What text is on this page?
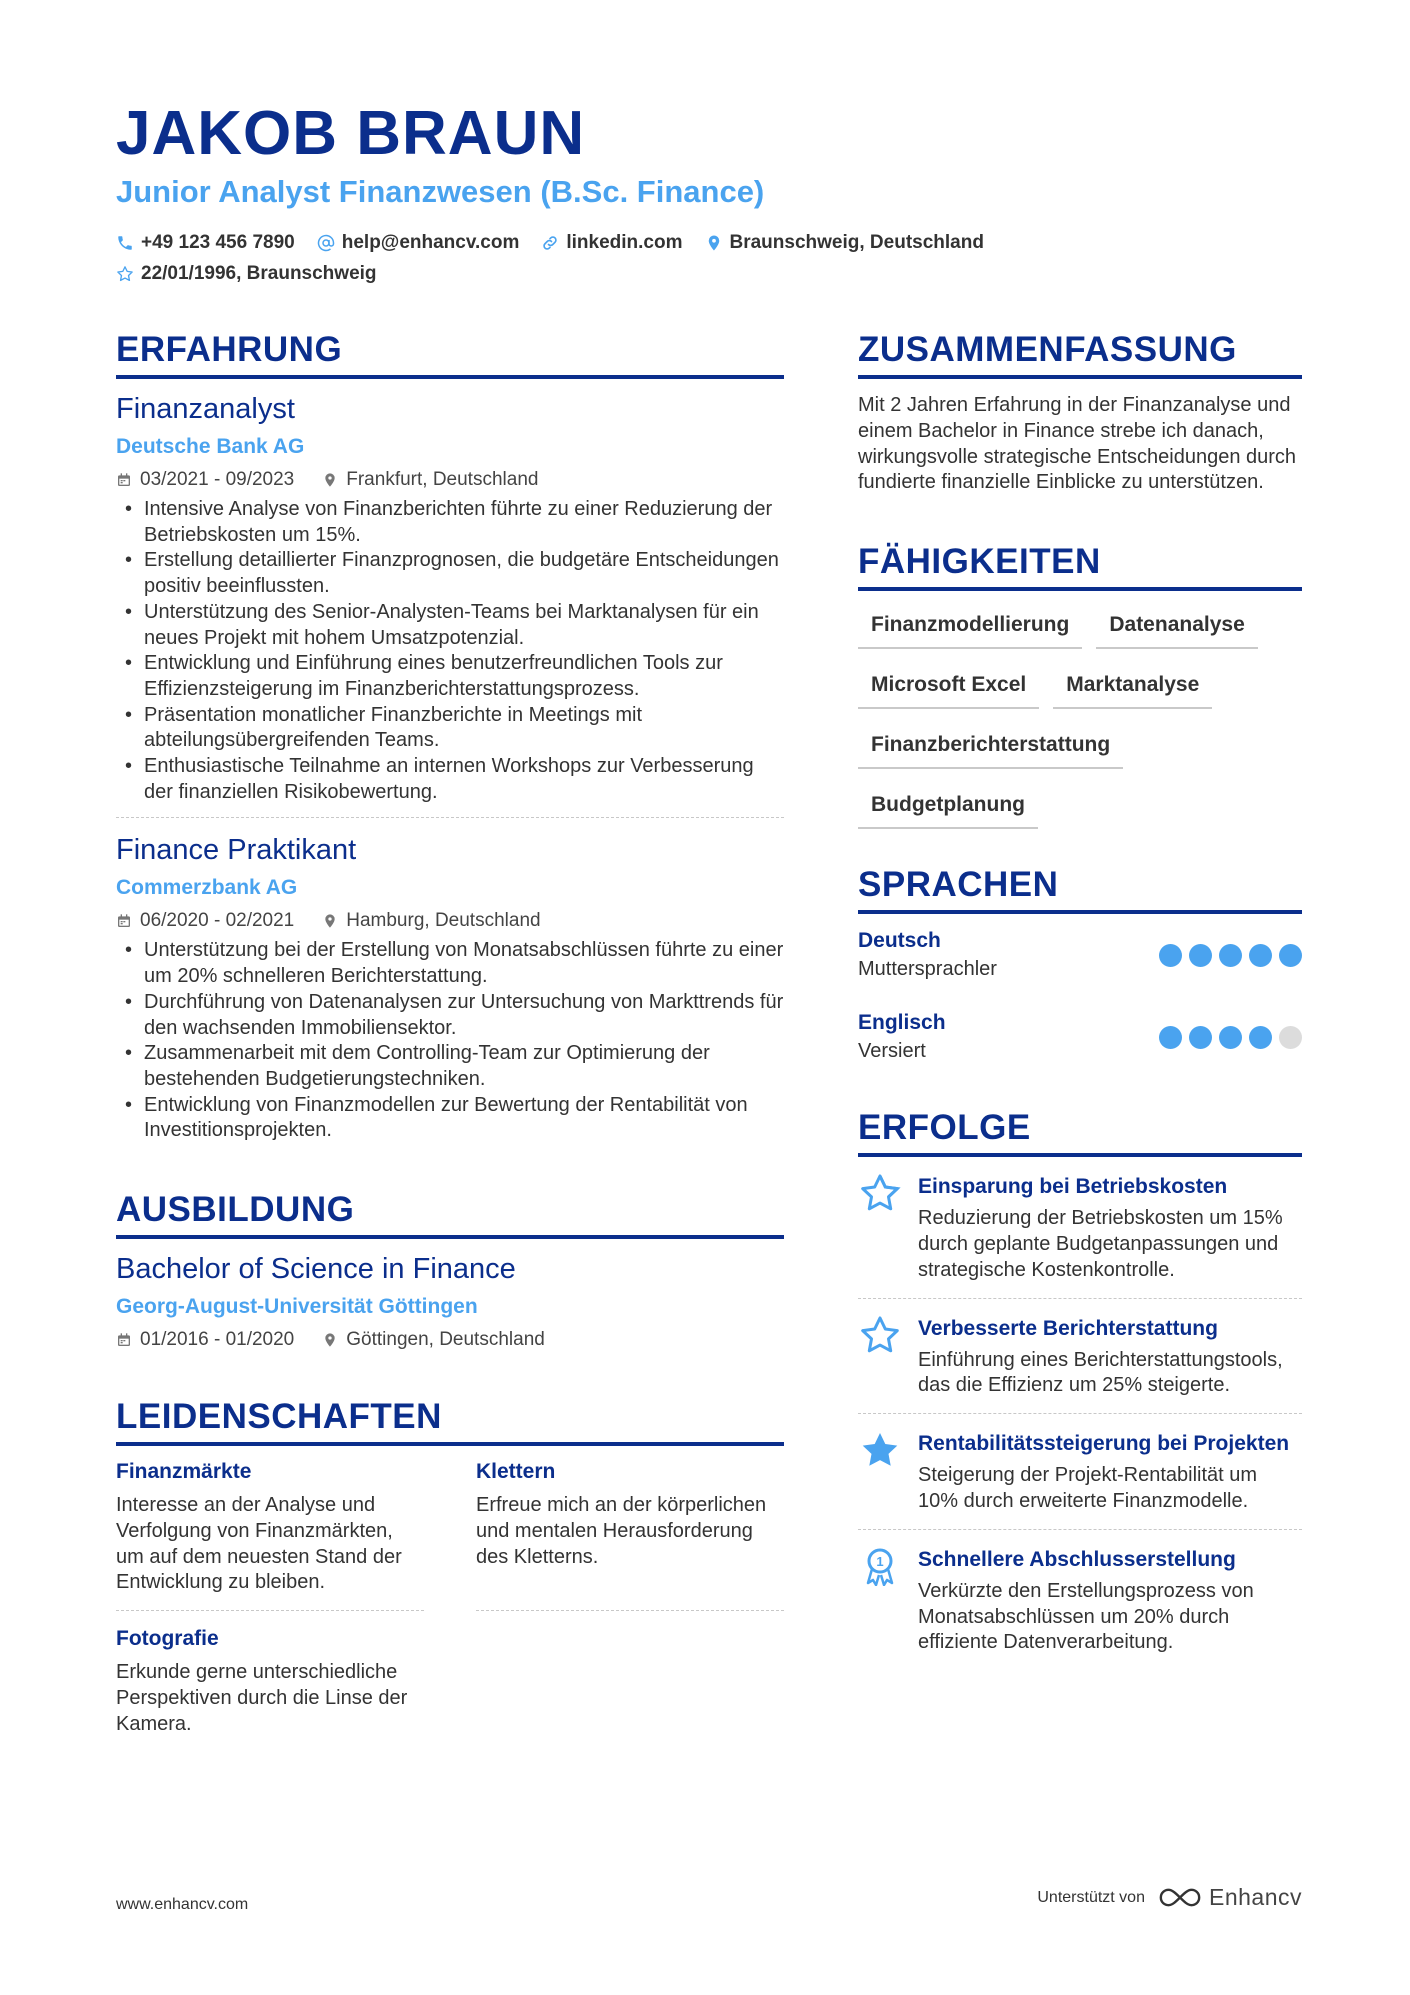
JAKOB BRAUN
Junior Analyst Finanzwesen (B.Sc. Finance)
+49 123 456 7890 help@enhancv.com linkedin.com Braunschweig, Deutschland
22/01/1996, Braunschweig
ERFAHRUNG
Finanzanalyst
Deutsche Bank AG
03/2021 - 09/2023	Frankfurt, Deutschland
• Intensive Analyse von Finanzberichten führte zu einer Reduzierung der Betriebskosten um 15%.
• Erstellung detaillierter Finanzprognosen, die budgetäre Entscheidungen positiv beeinflussten.
• Unterstützung des Senior-Analysten-Teams bei Marktanalysen für ein neues Projekt mit hohem Umsatzpotenzial.
• Entwicklung und Einführung eines benutzerfreundlichen Tools zur Effizienzsteigerung im Finanzberichterstattungsprozess.
• Präsentation monatlicher Finanzberichte in Meetings mit abteilungsübergreifenden Teams.
• Enthusiastische Teilnahme an internen Workshops zur Verbesserung der finanziellen Risikobewertung.
Finance Praktikant
Commerzbank AG
06/2020 - 02/2021	Hamburg, Deutschland
• Unterstützung bei der Erstellung von Monatsabschlüssen führte zu einer um 20% schnelleren Berichterstattung.
• Durchführung von Datenanalysen zur Untersuchung von Markttrends für den wachsenden Immobiliensektor.
• Zusammenarbeit mit dem Controlling-Team zur Optimierung der bestehenden Budgetierungstechniken.
• Entwicklung von Finanzmodellen zur Bewertung der Rentabilität von Investitionsprojekten.
AUSBILDUNG
Bachelor of Science in Finance
Georg-August-Universität Göttingen
01/2016 - 01/2020	Göttingen, Deutschland
LEIDENSCHAFTEN
Finanzmärkte
Interesse an der Analyse und Verfolgung von Finanzmärkten, um auf dem neuesten Stand der Entwicklung zu bleiben.
Klettern
Erfreue mich an der körperlichen und mentalen Herausforderung des Kletterns.
Fotografie
Erkunde gerne unterschiedliche Perspektiven durch die Linse der Kamera.
ZUSAMMENFASSUNG
Mit 2 Jahren Erfahrung in der Finanzanalyse und einem Bachelor in Finance strebe ich danach, wirkungsvolle strategische Entscheidungen durch fundierte finanzielle Einblicke zu unterstützen.
FÄHIGKEITEN
Finanzmodellierung	Datenanalyse
Microsoft Excel	Marktanalyse
Finanzberichterstattung
Budgetplanung
SPRACHEN
Deutsch
Muttersprachler
Englisch
Versiert
ERFOLGE
Einsparung bei Betriebskosten
Reduzierung der Betriebskosten um 15% durch geplante Budgetanpassungen und strategische Kostenkontrolle.
Verbesserte Berichterstattung
Einführung eines Berichterstattungstools, das die Effizienz um 25% steigerte.
Rentabilitätssteigerung bei Projekten
Steigerung der Projekt-Rentabilität um 10% durch erweiterte Finanzmodelle.
1 Schnellere Abschlusserstellung
Verkürzte den Erstellungsprozess von Monatsabschlüssen um 20% durch effiziente Datenverarbeitung.
www.enhancv.com	Unterstützt von	Enhancv
